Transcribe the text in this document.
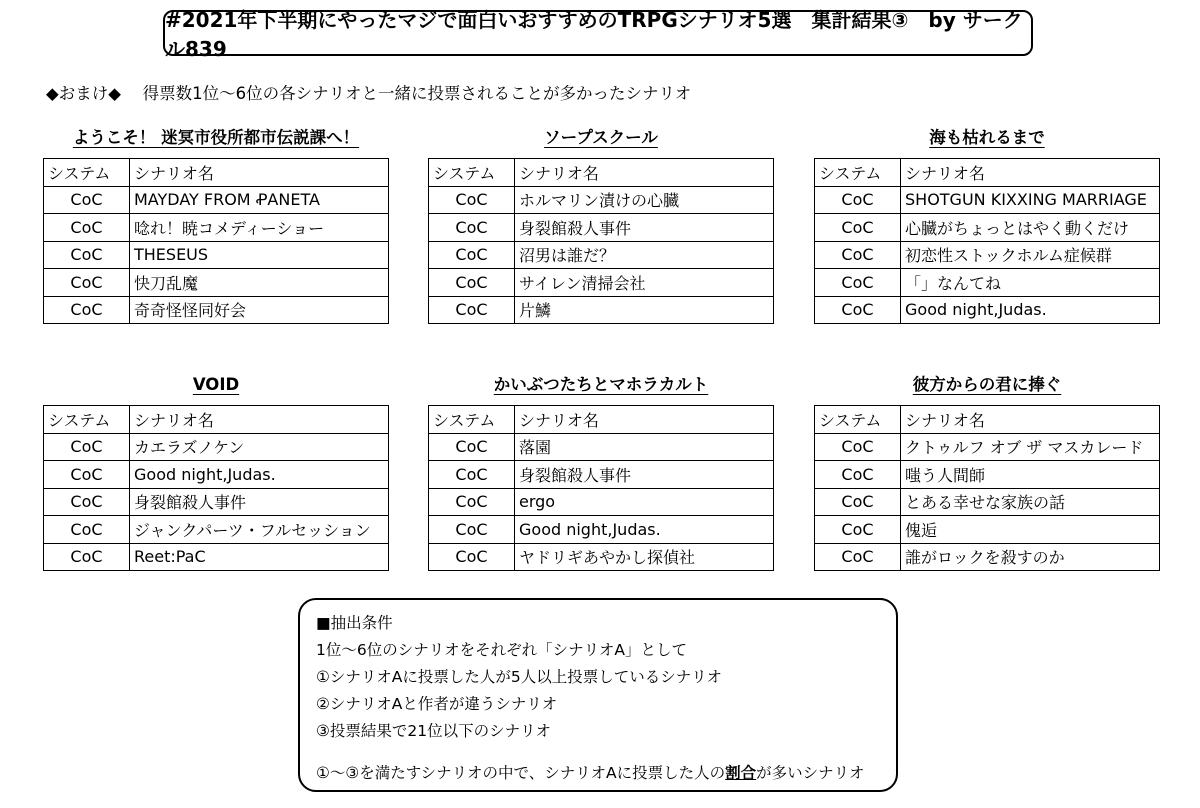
#2021年下半期にやったマジで面白いおすすめのTRPGシナリオ5選　集計結果③　by サークル839
◆おまけ◆　 得票数1位～6位の各シナリオと一緒に投票されることが多かったシナリオ
ようこそ！ 迷冥市役所都市伝説課へ！
システム	シナリオ名
CoC	MAYDAY FROM ꝒANETA
CoC	唸れ！暁コメディーショー
CoC	THESEUS
CoC	快刀乱魔
CoC	奇奇怪怪同好会
ソープスクール
システム	シナリオ名
CoC	ホルマリン漬けの心臓
CoC	身裂館殺人事件
CoC	沼男は誰だ？
CoC	サイレン清掃会社
CoC	片鱗
海も枯れるまで
システム	シナリオ名
CoC	SHOTGUN KIXXING MARRIAGE
CoC	心臓がちょっとはやく動くだけ
CoC	初恋性ストックホルム症候群
CoC	「」なんてね
CoC	Good night,Judas.
VOID
システム	シナリオ名
CoC	カエラズノケン
CoC	Good night,Judas.
CoC	身裂館殺人事件
CoC	ジャンクパーツ・フルセッション
CoC	Reet:PaC
かいぶつたちとマホラカルト
システム	シナリオ名
CoC	落園
CoC	身裂館殺人事件
CoC	ergo
CoC	Good night,Judas.
CoC	ヤドリギあやかし探偵社
彼方からの君に捧ぐ
システム	シナリオ名
CoC	クトゥルフ オブ ザ マスカレード
CoC	嗤う人間師
CoC	とある幸せな家族の話
CoC	傀逅
CoC	誰がロックを殺すのか
■抽出条件
1位～6位のシナリオをそれぞれ「シナリオA」として
①シナリオAに投票した人が5人以上投票しているシナリオ
②シナリオAと作者が違うシナリオ
③投票結果で21位以下のシナリオ
①～③を満たすシナリオの中で、シナリオAに投票した人の割合が多いシナリオ
